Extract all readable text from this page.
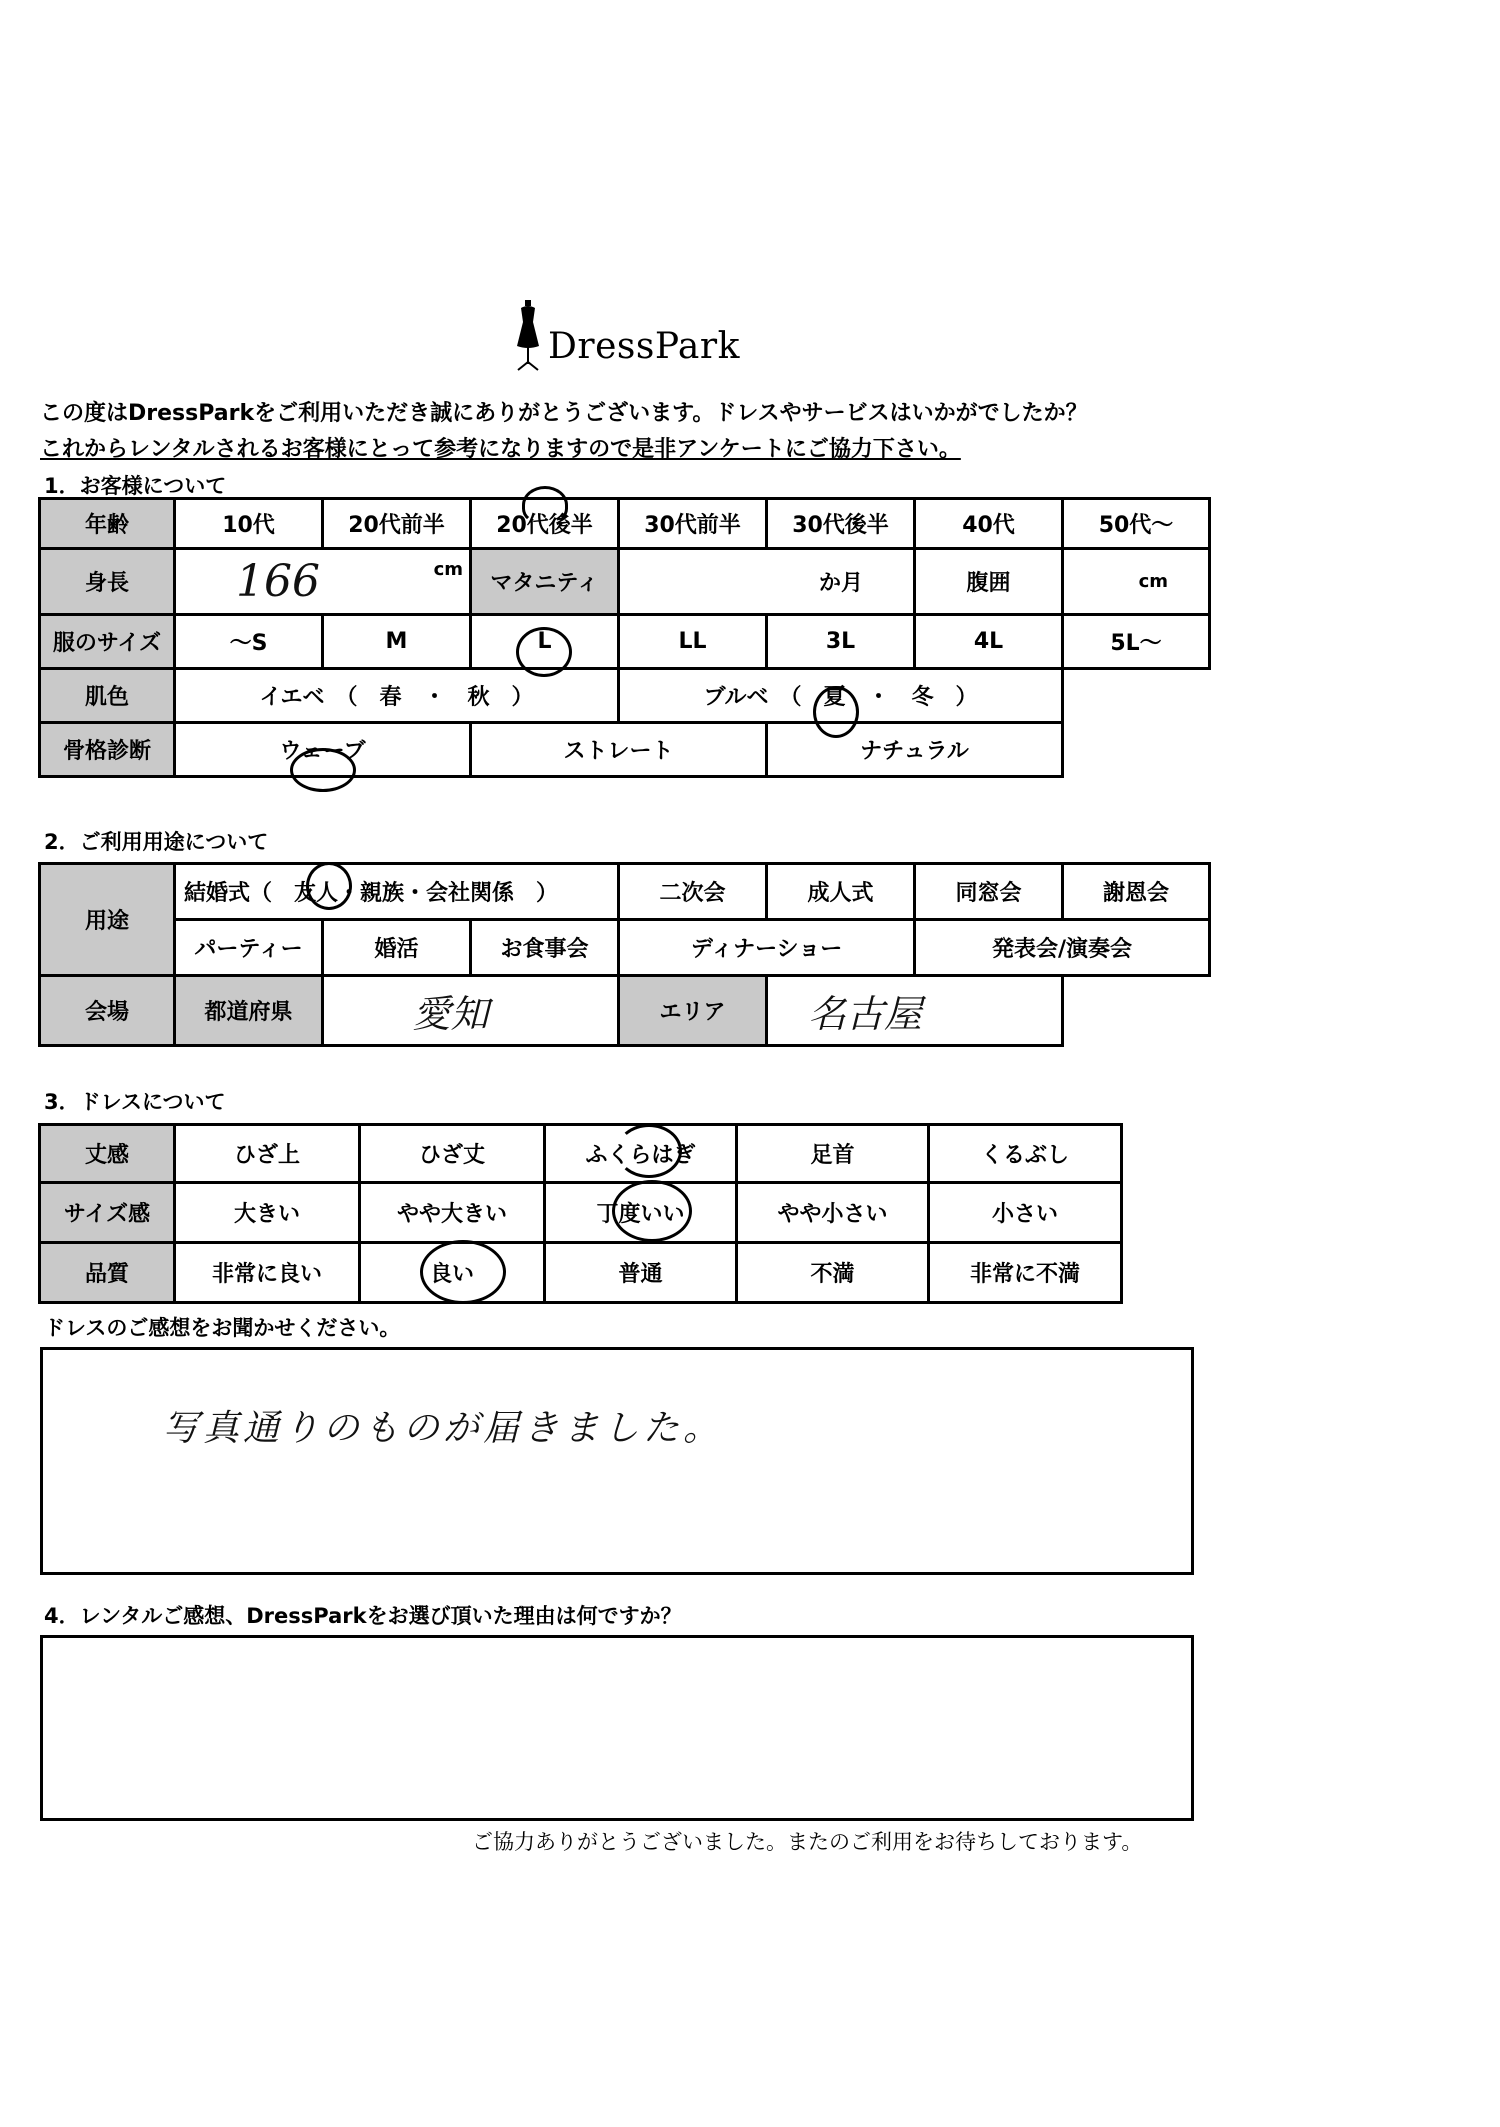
DressPark
この度はDressParkをご利用いただき誠にありがとうございます。ドレスやサービスはいかがでしたか？
これからレンタルされるお客様にとって参考になりますので是非アンケートにご協力下さい。
1．お客様について
年齢	10代	20代前半	20代後半	30代前半	30代後半	40代	50代～
身長	166 cm		マタニティ	か月		腹囲	cm
服のサイズ	～S	M	L	LL	3L	4L	5L～
肌色	イエベ　（　春　・　秋　）			ブルベ　（　夏　・　冬　）			
骨格診断	ウェーブ		ストレート		ナチュラル		
2．ご利用用途について
用途	結婚式（　友人・親族・会社関係　）			二次会	成人式	同窓会	謝恩会
	パーティー	婚活	お食事会	ディナーショー		発表会/演奏会	
会場	都道府県	愛知		エリア	名古屋		

3．ドレスについて
丈感	ひざ上	ひざ丈	ふくらはぎ	足首	くるぶし
サイズ感	大きい	やや大きい	丁度いい	やや小さい	小さい
品質	非常に良い	良い	普通	不満	非常に不満
ドレスのご感想をお聞かせください。
写真通りのものが届きました。
4．レンタルご感想、DressParkをお選び頂いた理由は何ですか？
ご協力ありがとうございました。またのご利用をお待ちしております。
